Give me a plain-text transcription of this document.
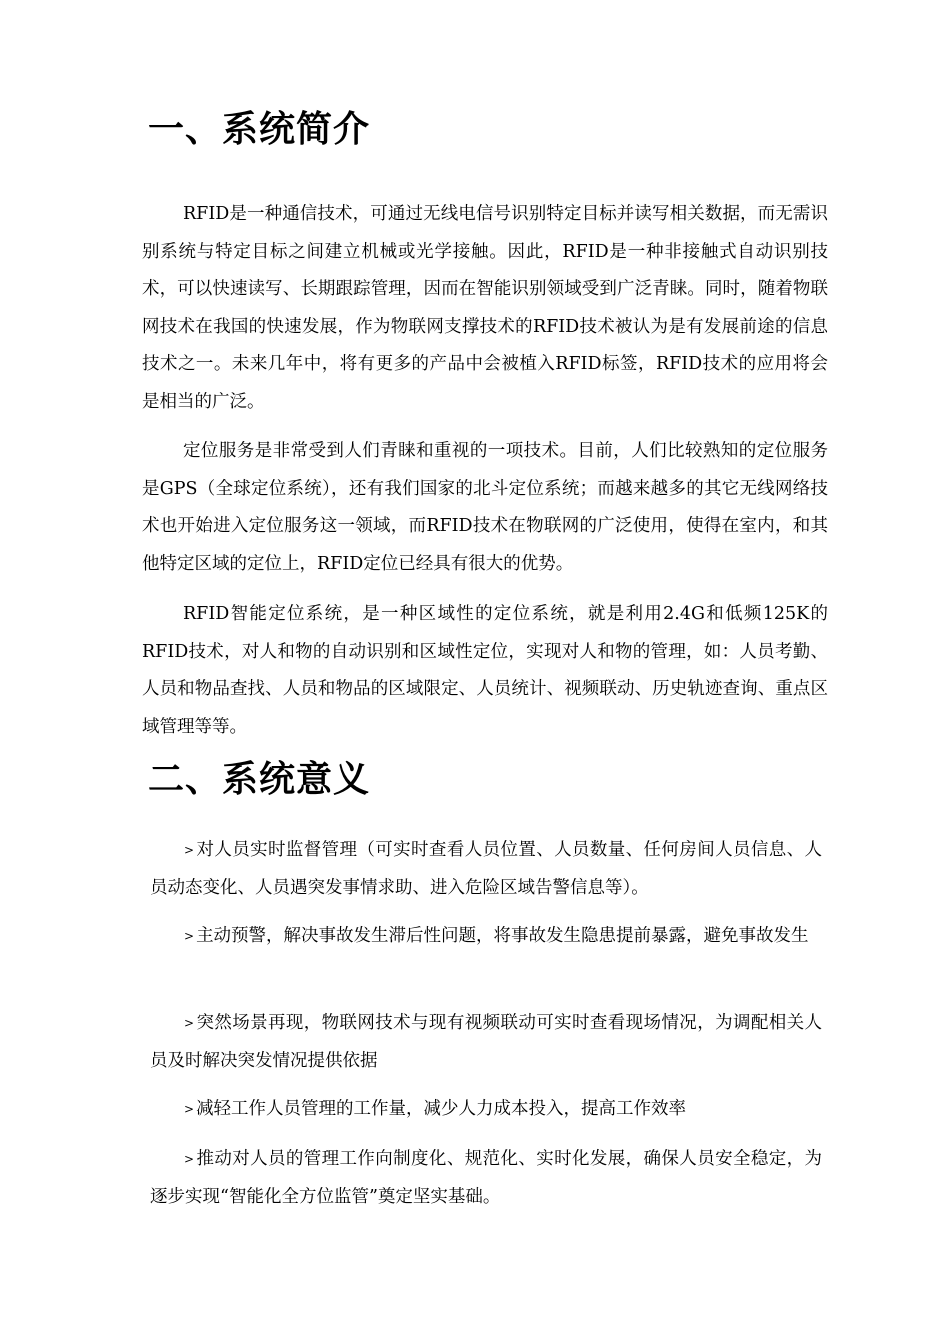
一、系统简介

RFID是一种通信技术，可通过无线电信号识别特定目标并读写相关数据，而无需识别系统与特定目标之间建立机械或光学接触。因此，RFID是一种非接触式自动识别技术，可以快速读写、长期跟踪管理，因而在智能识别领域受到广泛青睐。同时，随着物联网技术在我国的快速发展，作为物联网支撑技术的RFID技术被认为是有发展前途的信息技术之一。未来几年中，将有更多的产品中会被植入RFID标签，RFID技术的应用将会是相当的广泛。

定位服务是非常受到人们青睐和重视的一项技术。目前，人们比较熟知的定位服务是GPS（全球定位系统），还有我们国家的北斗定位系统；而越来越多的其它无线网络技术也开始进入定位服务这一领域，而RFID技术在物联网的广泛使用，使得在室内，和其他特定区域的定位上，RFID定位已经具有很大的优势。

RFID智能定位系统，是一种区域性的定位系统，就是利用2.4G和低频125K的RFID技术，对人和物的自动识别和区域性定位，实现对人和物的管理，如：人员考勤、人员和物品查找、人员和物品的区域限定、人员统计、视频联动、历史轨迹查询、重点区域管理等等。

二、系统意义

> 对人员实时监督管理（可实时查看人员位置、人员数量、任何房间人员信息、人员动态变化、人员遇突发事情求助、进入危险区域告警信息等）。

> 主动预警，解决事故发生滞后性问题，将事故发生隐患提前暴露，避免事故发生

> 突然场景再现，物联网技术与现有视频联动可实时查看现场情况，为调配相关人员及时解决突发情况提供依据

> 减轻工作人员管理的工作量，减少人力成本投入，提高工作效率

> 推动对人员的管理工作向制度化、规范化、实时化发展，确保人员安全稳定，为逐步实现“智能化全方位监管”奠定坚实基础。
